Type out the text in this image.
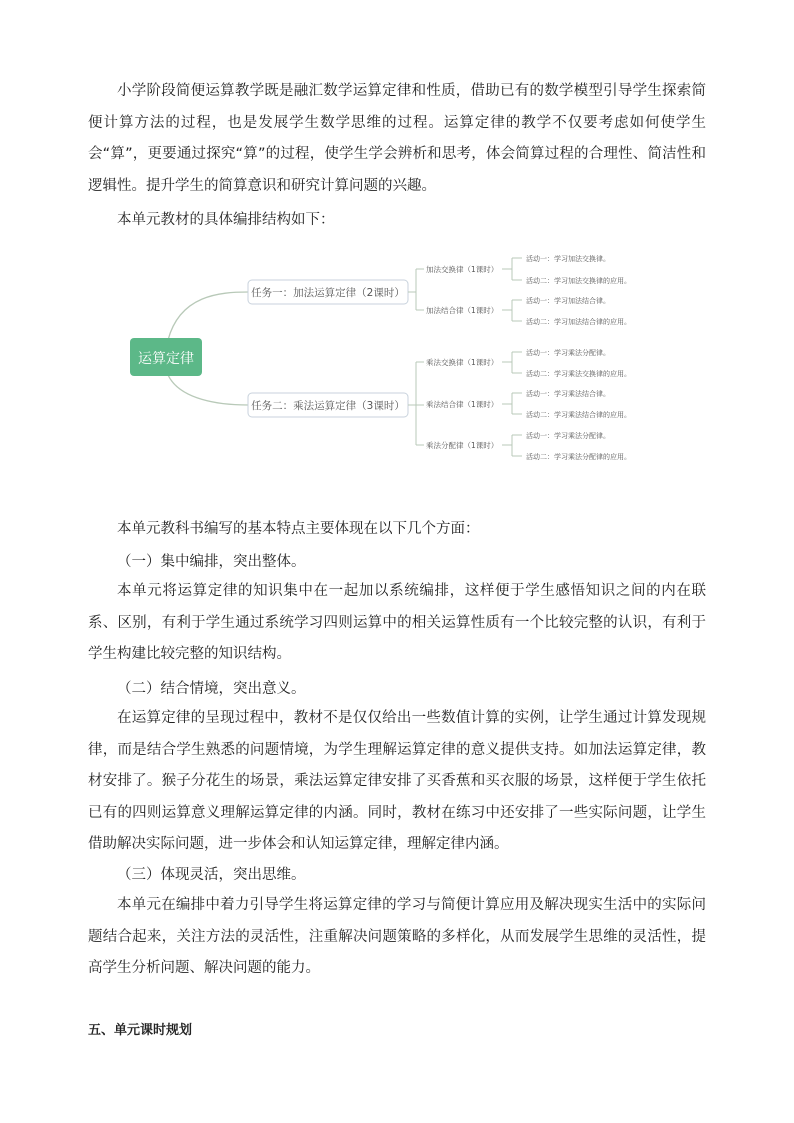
小学阶段简便运算教学既是融汇数学运算定律和性质，借助已有的数学模型引导学生探索简便计算方法的过程，也是发展学生数学思维的过程。运算定律的教学不仅要考虑如何使学生会“算”，更要通过探究“算”的过程，使学生学会辨析和思考，体会简算过程的合理性、简洁性和逻辑性。提升学生的简算意识和研究计算问题的兴趣。

本单元教材的具体编排结构如下：

运算定律
任务一：加法运算定律（2课时）
加法交换律（1课时）
加法结合律（1课时）
活动一：学习加法交换律。
活动二：学习加法交换律的应用。
活动一：学习加法结合律。
活动二：学习加法结合律的应用。
任务二：乘法运算定律（3课时）
乘法交换律（1课时）
乘法结合律（1课时）
乘法分配律（1课时）
活动一：学习乘法分配律。
活动二：学习乘法交换律的应用。
活动一：学习乘法结合律。
活动二：学习乘法结合律的应用。
活动一：学习乘法分配律。
活动二：学习乘法分配律的应用。

本单元教科书编写的基本特点主要体现在以下几个方面：

（一）集中编排，突出整体。

本单元将运算定律的知识集中在一起加以系统编排，这样便于学生感悟知识之间的内在联系、区别，有利于学生通过系统学习四则运算中的相关运算性质有一个比较完整的认识，有利于学生构建比较完整的知识结构。

（二）结合情境，突出意义。

在运算定律的呈现过程中，教材不是仅仅给出一些数值计算的实例，让学生通过计算发现规律，而是结合学生熟悉的问题情境，为学生理解运算定律的意义提供支持。如加法运算定律，教材安排了。猴子分花生的场景，乘法运算定律安排了买香蕉和买衣服的场景，这样便于学生依托已有的四则运算意义理解运算定律的内涵。同时，教材在练习中还安排了一些实际问题，让学生借助解决实际问题，进一步体会和认知运算定律，理解定律内涵。

（三）体现灵活，突出思维。

本单元在编排中着力引导学生将运算定律的学习与简便计算应用及解决现实生活中的实际问题结合起来，关注方法的灵活性，注重解决问题策略的多样化，从而发展学生思维的灵活性，提高学生分析问题、解决问题的能力。

五、单元课时规划
